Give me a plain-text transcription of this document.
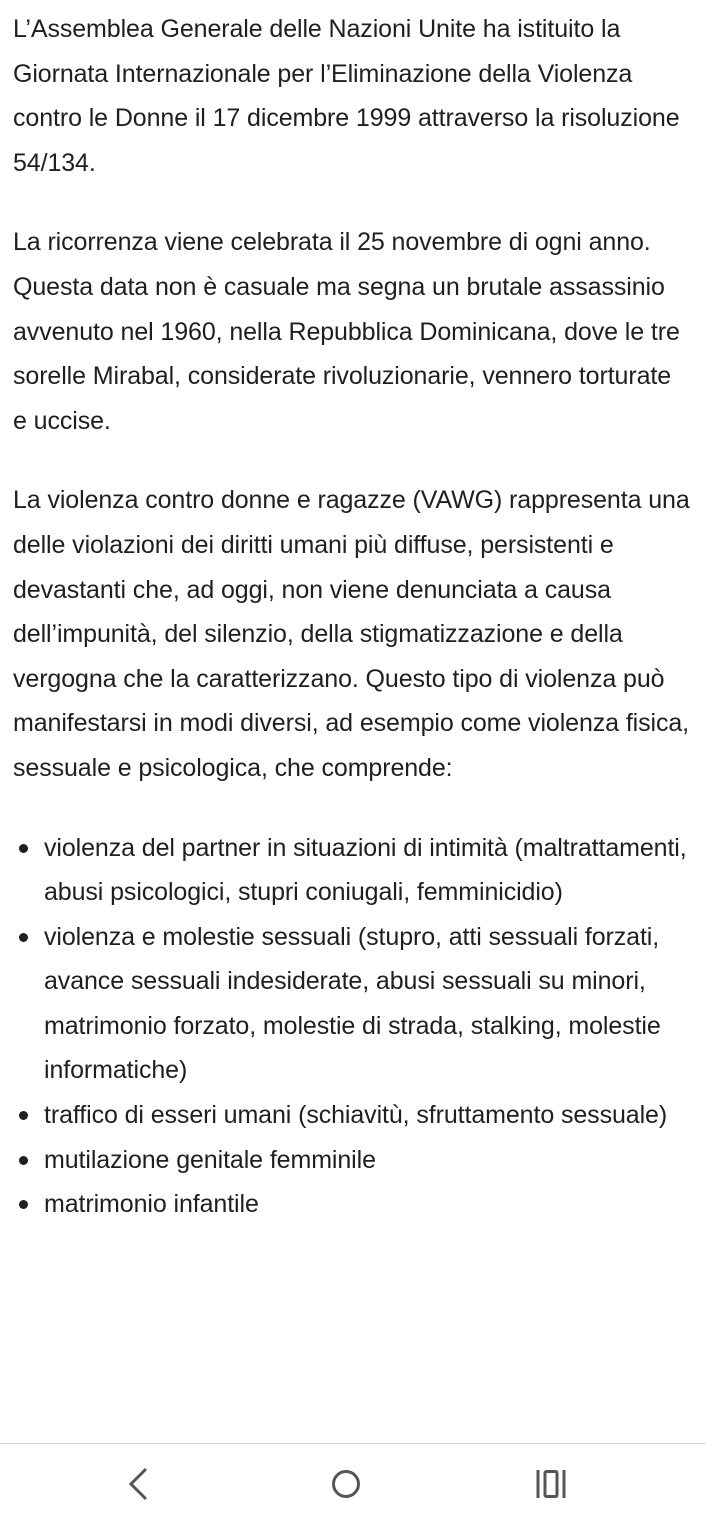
L’Assemblea Generale delle Nazioni Unite ha istituito la Giornata Internazionale per l’Eliminazione della Violenza contro le Donne il 17 dicembre 1999 attraverso la risoluzione 54/134.

La ricorrenza viene celebrata il 25 novembre di ogni anno. Questa data non è casuale ma segna un brutale assassinio avvenuto nel 1960, nella Repubblica Dominicana, dove le tre sorelle Mirabal, considerate rivoluzionarie, vennero torturate e uccise.

La violenza contro donne e ragazze (VAWG) rappresenta una delle violazioni dei diritti umani più diffuse, persistenti e devastanti che, ad oggi, non viene denunciata a causa dell’impunità, del silenzio, della stigmatizzazione e della vergogna che la caratterizzano. Questo tipo di violenza può manifestarsi in modi diversi, ad esempio come violenza fisica, sessuale e psicologica, che comprende:

violenza del partner in situazioni di intimità (maltrattamenti, abusi psicologici, stupri coniugali, femminicidio)
violenza e molestie sessuali (stupro, atti sessuali forzati, avance sessuali indesiderate, abusi sessuali su minori, matrimonio forzato, molestie di strada, stalking, molestie informatiche)
traffico di esseri umani (schiavitù, sfruttamento sessuale)
mutilazione genitale femminile
matrimonio infantile
